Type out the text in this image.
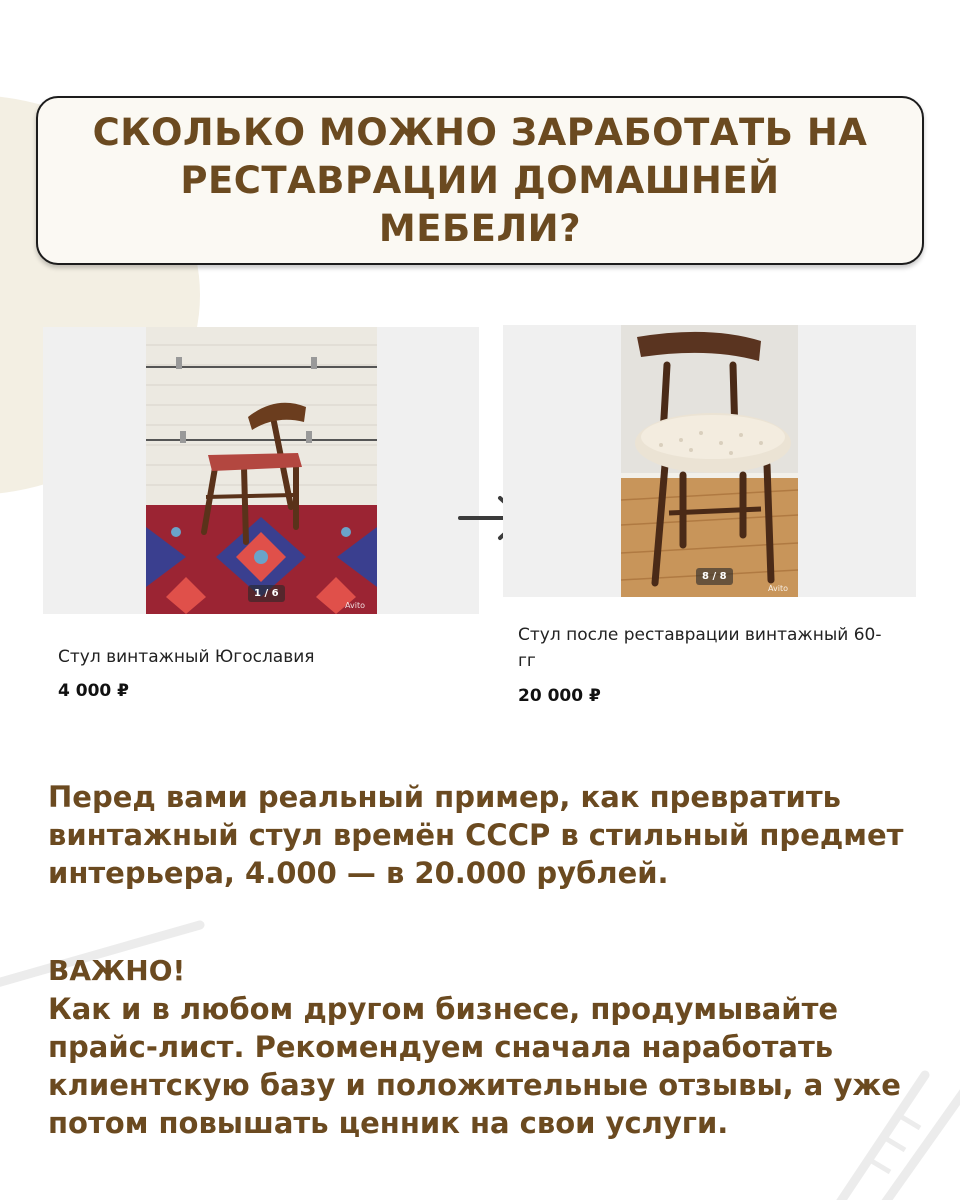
СКОЛЬКО МОЖНО ЗАРАБОТАТЬ НА РЕСТАВРАЦИИ ДОМАШНЕЙ МЕБЕЛИ?
1 / 6
Avito
8 / 8
Avito
Стул винтажный Югославия
4 000 ₽
Стул после реставрации винтажный 60- гг
20 000 ₽

Перед вами реальный пример, как превратить винтажный стул времён СССР в стильный предмет интерьера, 4.000 — в 20.000 рублей.

ВАЖНО!

Как и в любом другом бизнесе, продумывайте прайс-лист. Рекомендуем сначала наработать клиентскую базу и положительные отзывы, а уже потом повышать ценник на свои услуги.
